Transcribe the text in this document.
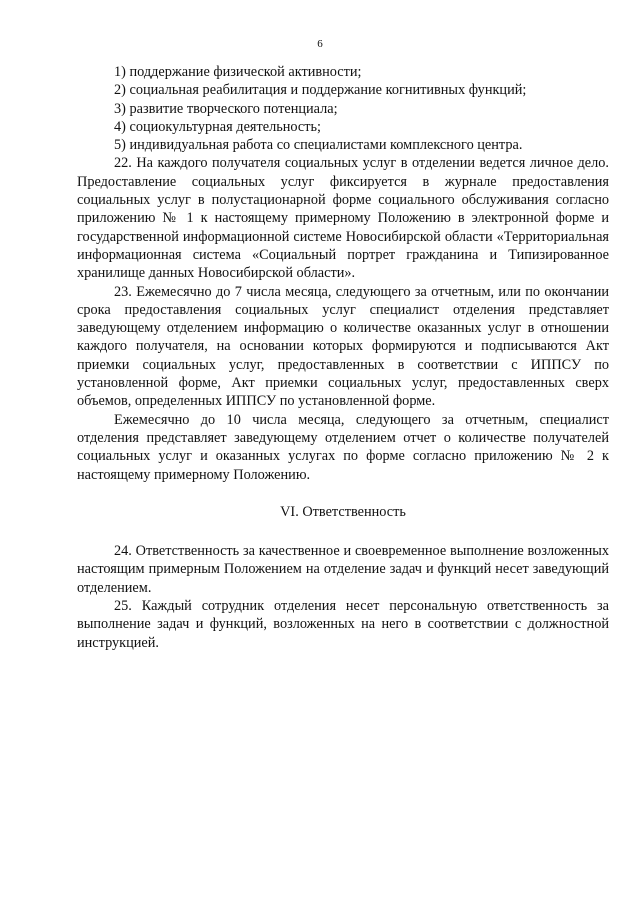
6

1) поддержание физической активности;

2) социальная реабилитация и поддержание когнитивных функций;

3) развитие творческого потенциала;

4) социокультурная деятельность;

5) индивидуальная работа со специалистами комплексного центра.

22. На каждого получателя социальных услуг в отделении ведется личное дело. Предоставление социальных услуг фиксируется в журнале предоставления социальных услуг в полустационарной форме социального обслуживания согласно приложению № 1 к настоящему примерному Положению в электронной форме и государственной информационной системе Новосибирской области «Территориальная информационная система «Социальный портрет гражданина и Типизированное хранилище данных Новосибирской области».

23. Ежемесячно до 7 числа месяца, следующего за отчетным, или по окончании срока предоставления социальных услуг специалист отделения представляет заведующему отделением информацию о количестве оказанных услуг в отношении каждого получателя, на основании которых формируются и подписываются Акт приемки социальных услуг, предоставленных в соответствии с ИППСУ по установленной форме, Акт приемки социальных услуг, предоставленных сверх объемов, определенных ИППСУ по установленной форме.

Ежемесячно до 10 числа месяца, следующего за отчетным, специалист отделения представляет заведующему отделением отчет о количестве получателей социальных услуг и оказанных услугах по форме согласно приложению № 2 к настоящему примерному Положению.

VI. Ответственность

24. Ответственность за качественное и своевременное выполнение возложенных настоящим примерным Положением на отделение задач и функций несет заведующий отделением.

25. Каждый сотрудник отделения несет персональную ответственность за выполнение задач и функций, возложенных на него в соответствии с должностной инструкцией.
